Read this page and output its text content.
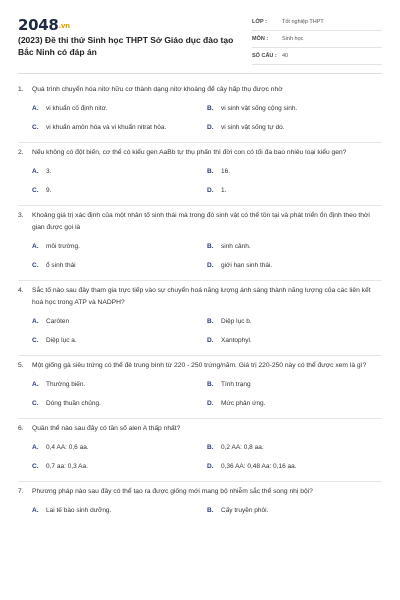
2048.vn
(2023) Đề thi thử Sinh học THPT Sở Giáo dục đào tạo Bắc Ninh có đáp án
LỚP :	Tốt nghiệp THPT
MÔN :	Sinh học
SỐ CÂU : 40
1.	Quá trình chuyển hóa nitơ hữu cơ thành dạng nitơ khoáng để cây hấp thụ được nhờ
A.	vi khuẩn cố định nitơ.	B.	vi sinh vật sống cộng sinh.
C.	vi khuẩn amôn hóa và vi khuẩn nitrat hóa.	D.	vi sinh vật sống tự do.
2.	Nếu không có đột biến, cơ thể có kiểu gen AaBb tự thụ phấn thì đời con có tối đa bao nhiêu loại kiểu gen?
A.	3.	B.	16.
C.	9.	D.	1.
3.	Khoảng giá trị xác định của một nhân tố sinh thái mà trong đó sinh vật có thể tồn tại và phát triển ổn định theo thời gian được gọi là
A.	môi trường.	B.	sinh cảnh.
C.	ổ sinh thái	D.	giới hạn sinh thái.
4.	Sắc tố nào sau đây tham gia trực tiếp vào sự chuyển hoá năng lượng ánh sáng thành năng lượng của các liên kết hoá học trong ATP và NADPH?
A.	Carôten	B.	Diệp lục b.
C.	Diệp lục a.	D.	Xantophyl.
5.	Một giống gà siêu trứng có thể đẻ trung bình từ 220 - 250 trứng/năm. Giá trị 220-250 này có thể được xem là gì?
A.	Thường biến.	B.	Tính trạng
C.	Dòng thuần chủng.	D.	Mức phản ứng.
6.	Quần thể nào sau đây có tần số alen A thấp nhất?
A.	0,4 AA: 0,6 aa.	B.	0,2 AA: 0,8 aa.
C.	0,7 aa: 0,3 Aa.	D.	0,36 AA: 0,48 Aa: 0,16 aa.
7.	Phương pháp nào sau đây có thể tạo ra được giống mới mang bộ nhiễm sắc thể song nhị bội?
A.	Lai tế bào sinh dưỡng.	B.	Cấy truyền phôi.
